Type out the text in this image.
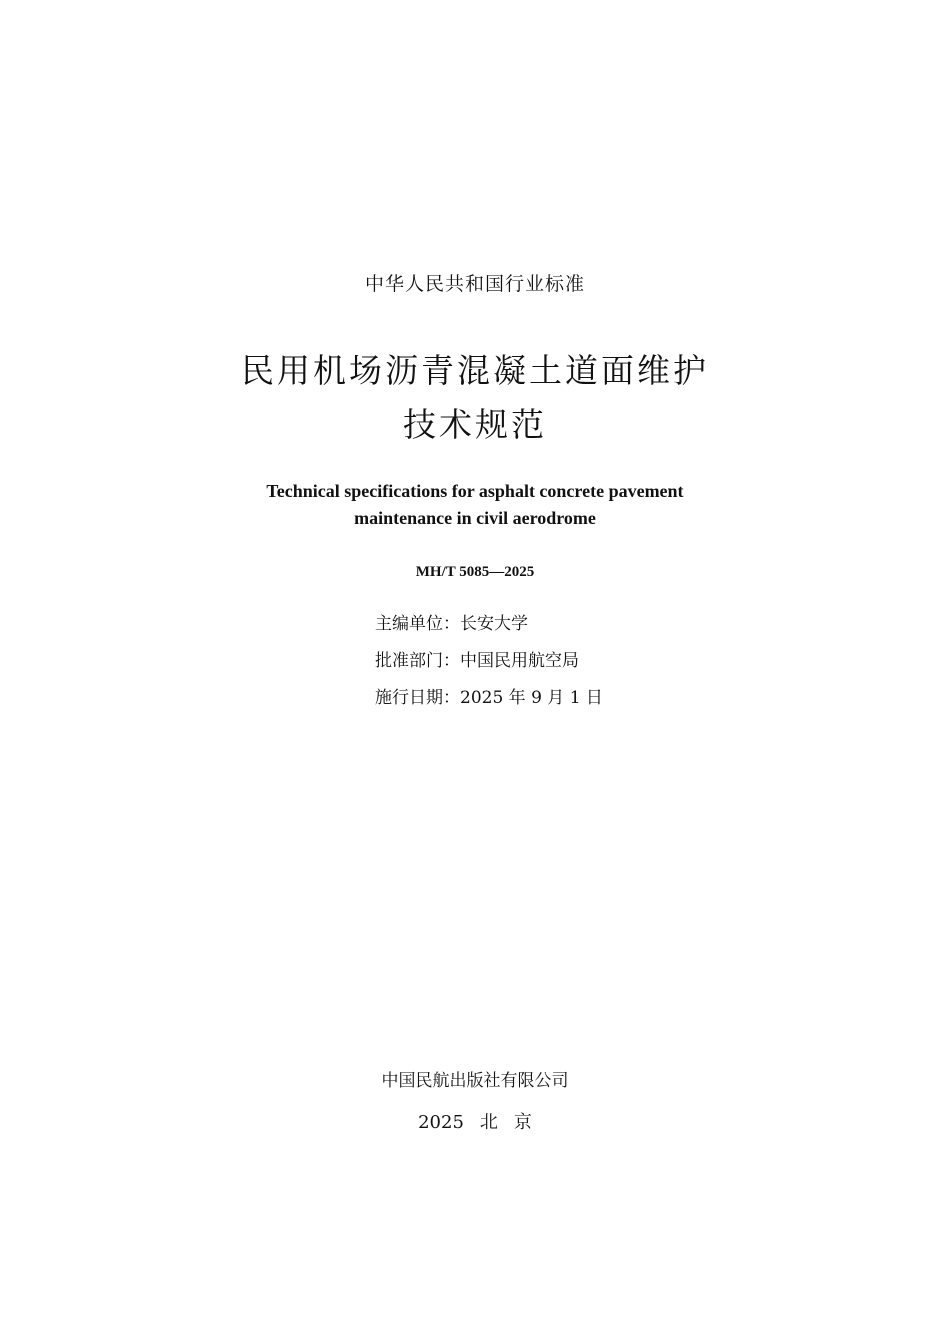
中华人民共和国行业标准
民用机场沥青混凝土道面维护
技术规范
Technical specifications for asphalt concrete pavement
maintenance in civil aerodrome
MH/T 5085—2025
主编单位：长安大学
批准部门：中国民用航空局
施行日期：2025 年 9 月 1 日
中国民航出版社有限公司
2025 北 京
